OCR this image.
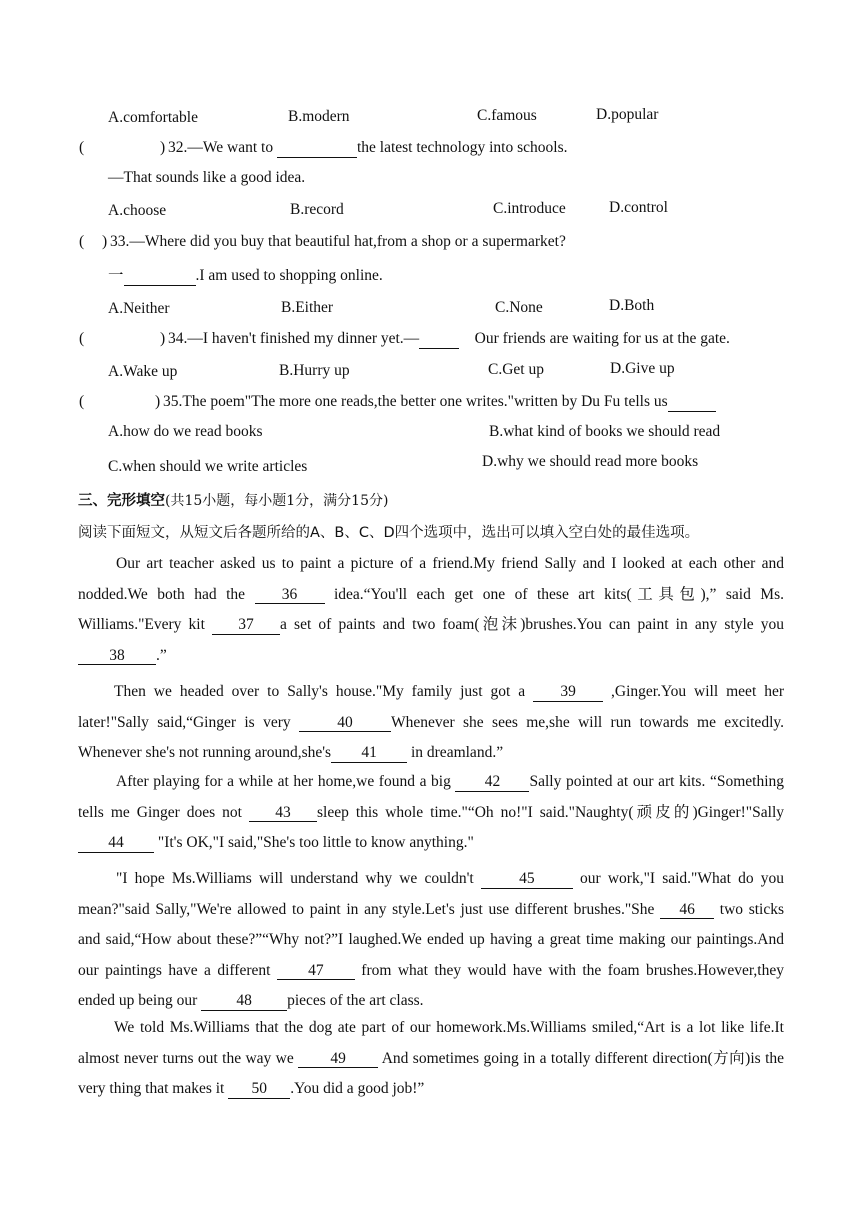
A.comfortable	B.modern	C.famous	D.popular
(	) 32.—We want to	the latest technology into schools.
—That sounds like a good idea.
A.choose	B.record	C.introduce	D.control
( ) 33.—Where did you buy that beautiful hat,from a shop or a supermarket?
一	.I am used to shopping online.
A.Neither	B.Either	C.None	D.Both
(	) 34.—I haven't finished my dinner yet.—	Our friends are waiting for us at the gate.
A.Wake up	B.Hurry up	C.Get up	D.Give up
(	) 35.The poem"The more one reads,the better one writes."written by Du Fu tells us
A.how do we read books	B.what kind of books we should read
C.when should we write articles	D.why we should read more books
三、完形填空(共15小题，每小题1分，满分15分)
阅读下面短文，从短文后各题所给的A、B、C、D四个选项中，选出可以填入空白处的最佳选项。
Our art teacher asked us to paint a picture of a friend.My friend Sally and I looked at each other and nodded.We both had the 36 idea.“You'll each get one of these art kits(工具包),” said Ms. Williams."Every kit 37 a set of paints and two foam(泡沫)brushes.You can paint in any style you 38 .”
Then we headed over to Sally's house."My family just got a 39 ,Ginger.You will meet her later!"Sally said,“Ginger is very 40 Whenever she sees me,she will run towards me excitedly. Whenever she's not running around,she's 41 in dreamland.”
After playing for a while at her home,we found a big 42 Sally pointed at our art kits. “Something tells me Ginger does not 43 sleep this whole time."“Oh no!"I said."Naughty(顽皮的)Ginger!"Sally 44 "It's OK,"I said,"She's too little to know anything."
"I hope Ms.Williams will understand why we couldn't 45 our work,"I said."What do you mean?"said Sally,"We're allowed to paint in any style.Let's just use different brushes."She 46 two sticks and said,“How about these?”“Why not?”I laughed.We ended up having a great time making our paintings.And our paintings have a different 47 from what they would have with the foam brushes.However,they ended up being our 48 pieces of the art class.
We told Ms.Williams that the dog ate part of our homework.Ms.Williams smiled,“Art is a lot like life.It almost never turns out the way we 49 And sometimes going in a totally different direction(方向)is the very thing that makes it 50 .You did a good job!”
